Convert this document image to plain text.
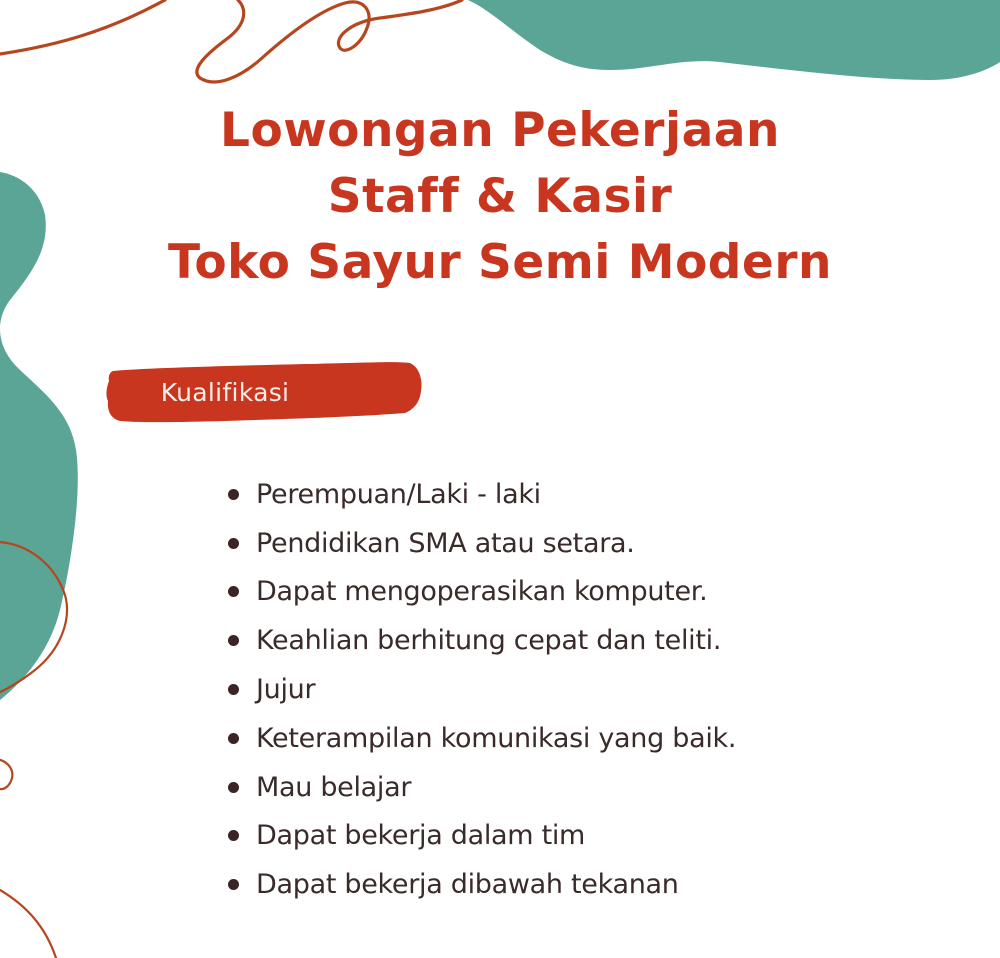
Lowongan Pekerjaan
Staff & Kasir
Toko Sayur Semi Modern
Kualifikasi
Perempuan/Laki - laki
Pendidikan SMA atau setara.
Dapat mengoperasikan komputer.
Keahlian berhitung cepat dan teliti.
Jujur
Keterampilan komunikasi yang baik.
Mau belajar
Dapat bekerja dalam tim
Dapat bekerja dibawah tekanan
